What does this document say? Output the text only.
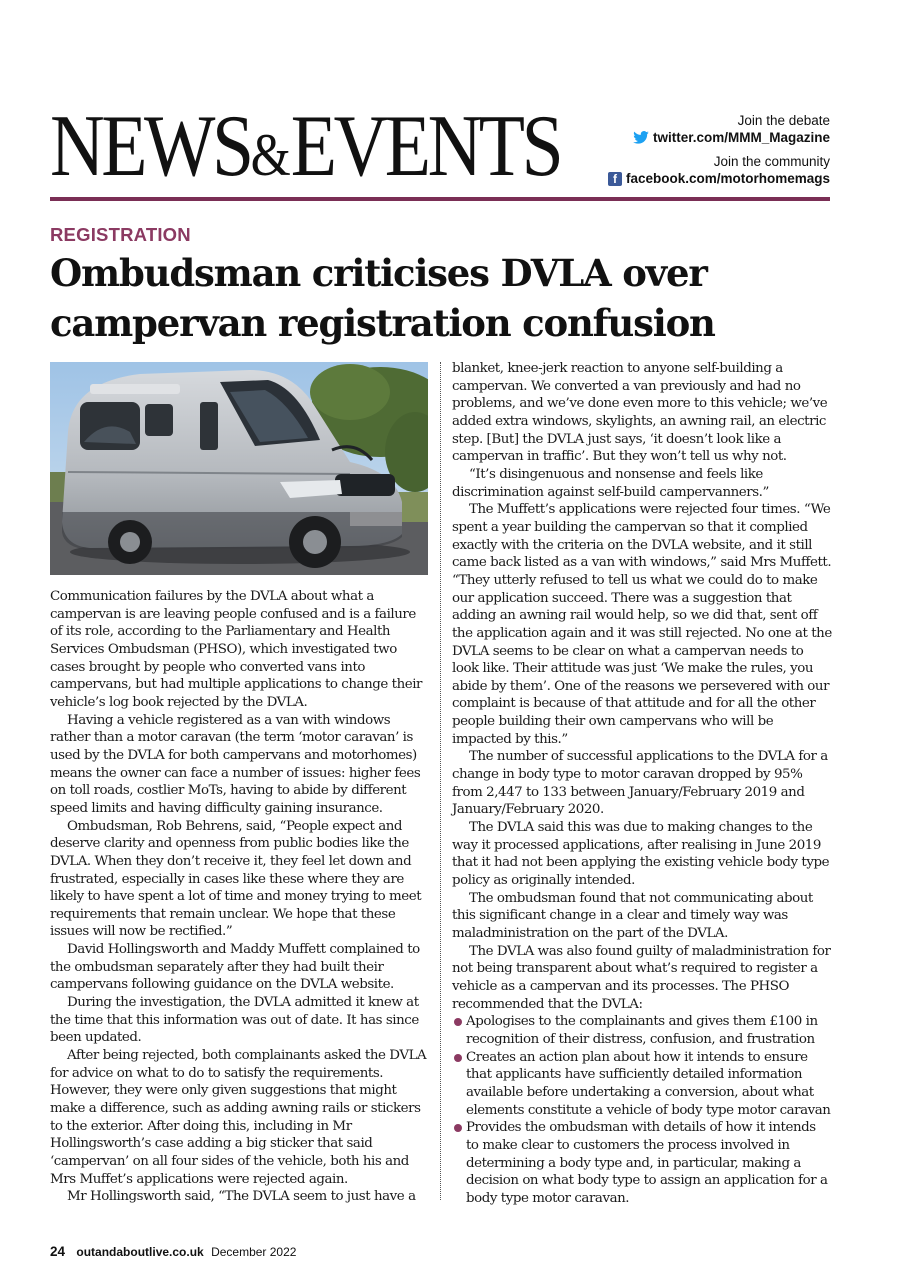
NEWS&EVENTS	Join the debate
twitter.com/MMM_Magazine
Join the community
f facebook.com/motorhomemags
REGISTRATION
Ombudsman criticises DVLA over campervan registration confusion

Communication failures by the DVLA about what a campervan is are leaving people confused and is a failure of its role, according to the Parliamentary and Health Services Ombudsman (PHSO), which investigated two cases brought by people who converted vans into campervans, but had multiple applications to change their vehicle’s log book rejected by the DVLA.

Having a vehicle registered as a van with windows rather than a motor caravan (the term ‘motor caravan’ is used by the DVLA for both campervans and motorhomes) means the owner can face a number of issues: higher fees on toll roads, costlier MoTs, having to abide by different speed limits and having difficulty gaining insurance.

Ombudsman, Rob Behrens, said, “People expect and deserve clarity and openness from public bodies like the DVLA. When they don’t receive it, they feel let down and frustrated, especially in cases like these where they are likely to have spent a lot of time and money trying to meet requirements that remain unclear. We hope that these issues will now be rectified.”

David Hollingsworth and Maddy Muffett complained to the ombudsman separately after they had built their campervans following guidance on the DVLA website.

During the investigation, the DVLA admitted it knew at the time that this information was out of date. It has since been updated.

After being rejected, both complainants asked the DVLA for advice on what to do to satisfy the requirements. However, they were only given suggestions that might make a difference, such as adding awning rails or stickers to the exterior. After doing this, including in Mr Hollingsworth’s case adding a big sticker that said ‘campervan’ on all four sides of the vehicle, both his and Mrs Muffet’s applications were rejected again.

Mr Hollingsworth said, “The DVLA seem to just have a

blanket, knee-jerk reaction to anyone self-building a campervan. We converted a van previously and had no problems, and we’ve done even more to this vehicle; we’ve added extra windows, skylights, an awning rail, an electric step. [But] the DVLA just says, ‘it doesn’t look like a campervan in traffic’. But they won’t tell us why not.

“It’s disingenuous and nonsense and feels like discrimination against self-build campervanners.”

The Muffett’s applications were rejected four times. “We spent a year building the campervan so that it complied exactly with the criteria on the DVLA website, and it still came back listed as a van with windows,” said Mrs Muffett. “They utterly refused to tell us what we could do to make our application succeed. There was a suggestion that adding an awning rail would help, so we did that, sent off the application again and it was still rejected. No one at the DVLA seems to be clear on what a campervan needs to look like. Their attitude was just ‘We make the rules, you abide by them’. One of the reasons we persevered with our complaint is because of that attitude and for all the other people building their own campervans who will be impacted by this.”

The number of successful applications to the DVLA for a change in body type to motor caravan dropped by 95% from 2,447 to 133 between January/February 2019 and January/February 2020.

The DVLA said this was due to making changes to the way it processed applications, after realising in June 2019 that it had not been applying the existing vehicle body type policy as originally intended.

The ombudsman found that not communicating about this significant change in a clear and timely way was maladministration on the part of the DVLA.

The DVLA was also found guilty of maladministration for not being transparent about what’s required to register a vehicle as a campervan and its processes. The PHSO recommended that the DVLA:

Apologises to the complainants and gives them £100 in recognition of their distress, confusion, and frustration
Creates an action plan about how it intends to ensure that applicants have sufficiently detailed information available before undertaking a conversion, about what elements constitute a vehicle of body type motor caravan
Provides the ombudsman with details of how it intends to make clear to customers the process involved in determining a body type and, in particular, making a decision on what body type to assign an application for a body type motor caravan.
24 outandaboutlive.co.uk December 2022
